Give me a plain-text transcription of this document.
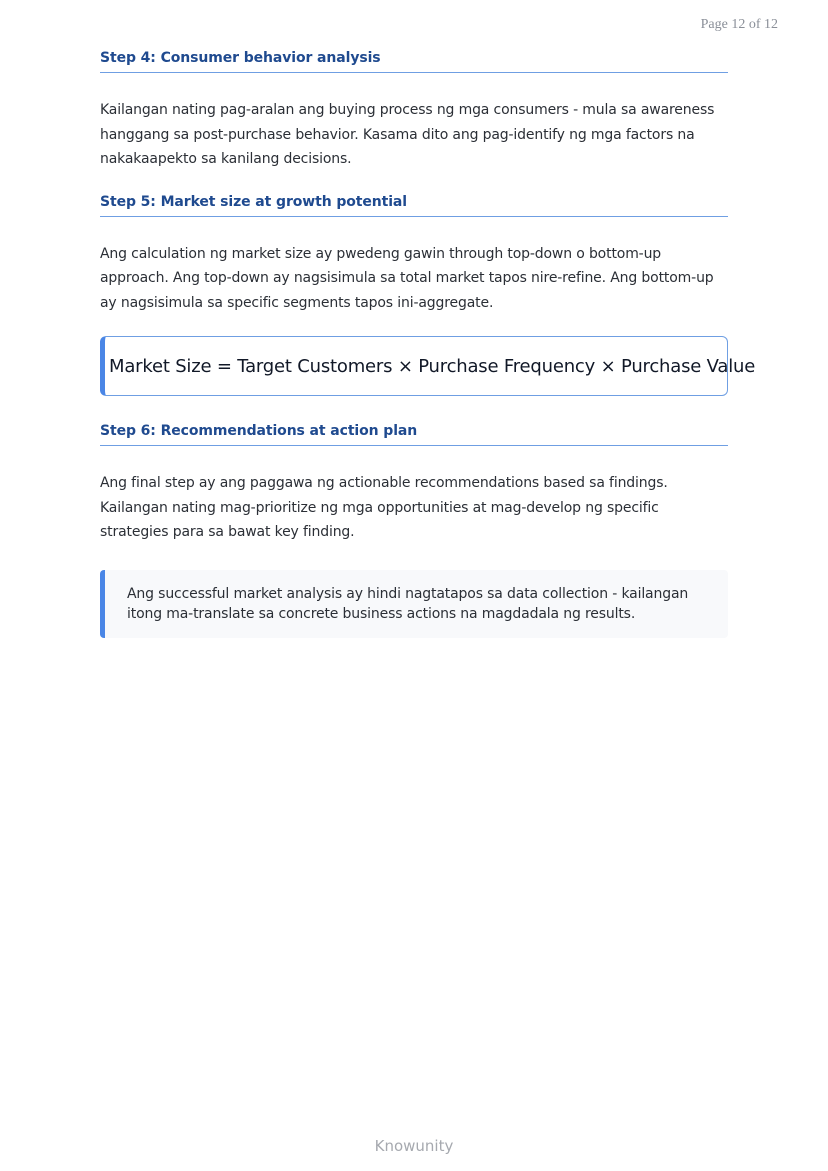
Page 12 of 12
Step 4: Consumer behavior analysis

Kailangan nating pag-aralan ang buying process ng mga consumers - mula sa awareness hanggang sa post-purchase behavior. Kasama dito ang pag-identify ng mga factors na nakakaapekto sa kanilang decisions.

Step 5: Market size at growth potential

Ang calculation ng market size ay pwedeng gawin through top-down o bottom-up approach. Ang top-down ay nagsisimula sa total market tapos nire-refine. Ang bottom-up ay nagsisimula sa specific segments tapos ini-aggregate.

Market Size = Target Customers × Purchase Frequency × Purchase Value
Step 6: Recommendations at action plan

Ang final step ay ang paggawa ng actionable recommendations based sa findings. Kailangan nating mag-prioritize ng mga opportunities at mag-develop ng specific strategies para sa bawat key finding.

Ang successful market analysis ay hindi nagtatapos sa data collection - kailangan itong ma-translate sa concrete business actions na magdadala ng results.
Knowunity
